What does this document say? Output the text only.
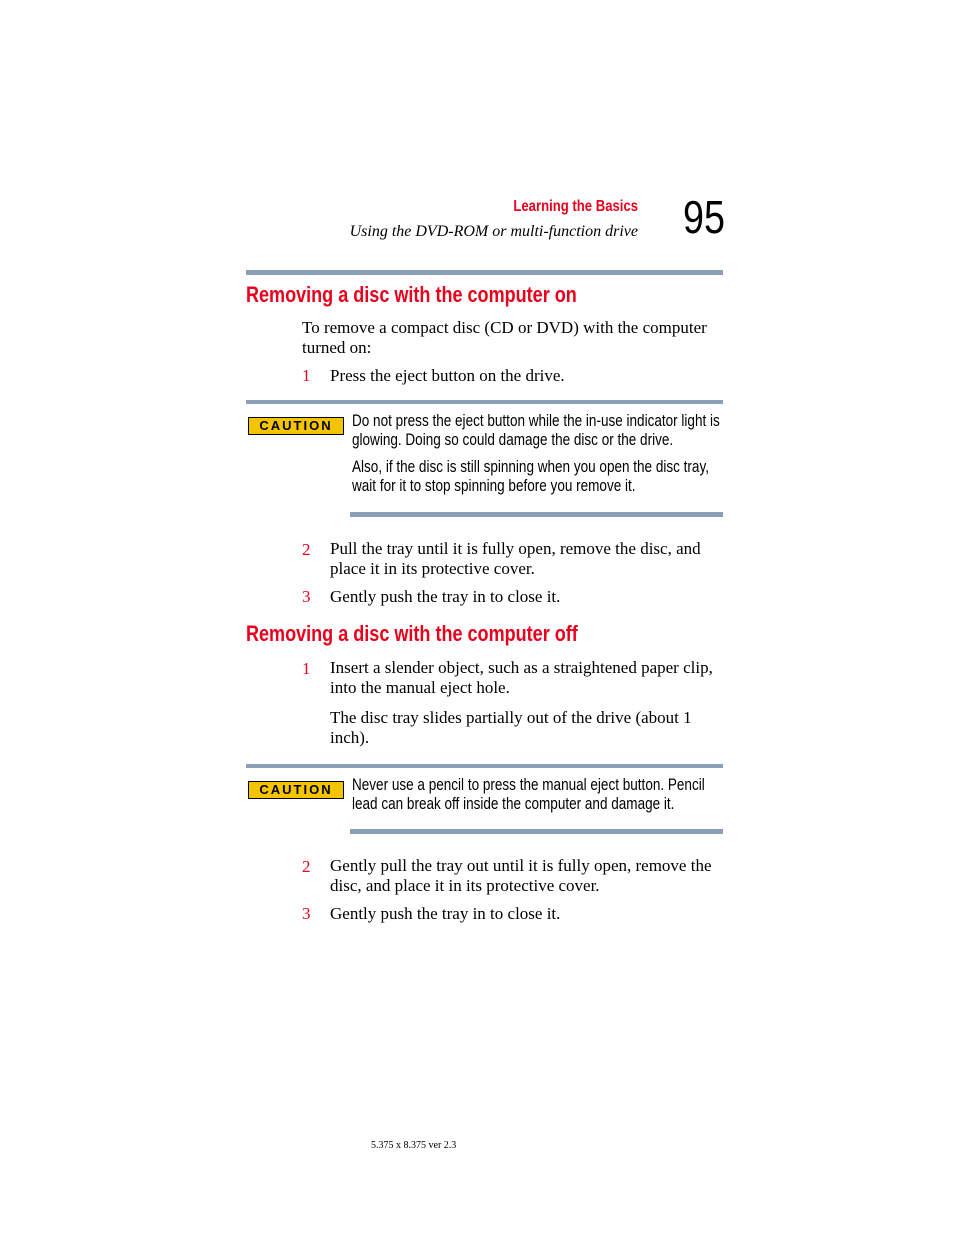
Learning the Basics
Using the DVD-ROM or multi-function drive 95
Removing a disc with the computer on
To remove a compact disc (CD or DVD) with the computer
turned on:
1 Press the eject button on the drive.
CAUTION	Do not press the eject button while the in-use indicator light is
glowing. Doing so could damage the disc or the drive.
Also, if the disc is still spinning when you open the disc tray,
wait for it to stop spinning before you remove it.
2 Pull the tray until it is fully open, remove the disc, and
place it in its protective cover.
3 Gently push the tray in to close it.
Removing a disc with the computer off
1 Insert a slender object, such as a straightened paper clip,
into the manual eject hole.
The disc tray slides partially out of the drive (about 1
inch).
CAUTION	Never use a pencil to press the manual eject button. Pencil
lead can break off inside the computer and damage it.
2 Gently pull the tray out until it is fully open, remove the
disc, and place it in its protective cover.
3 Gently push the tray in to close it.
5.375 x 8.375 ver 2.3
